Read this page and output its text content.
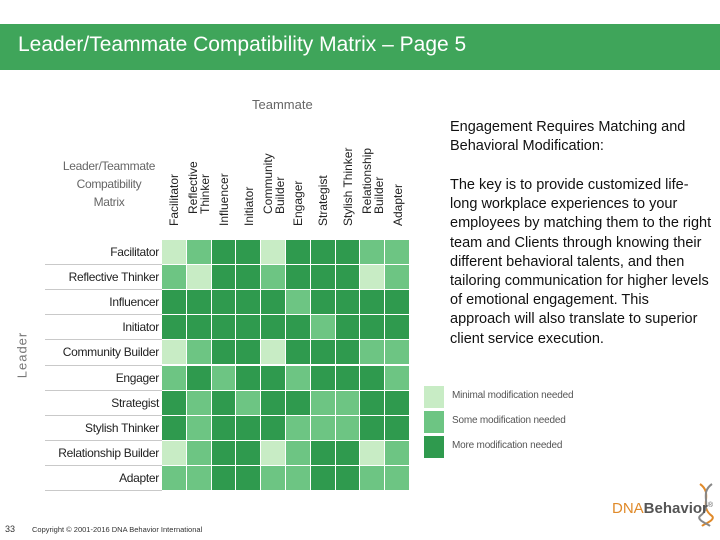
Leader/Teammate Compatibility Matrix – Page 5
Teammate
Leader/Teammate
Compatibility
Matrix
Leader
Facilitator Reflective
Thinker Influencer Initiator Community
Builder Engager Strategist Stylish Thinker Relationship
Builder Adapter
Facilitator
Reflective Thinker
Influencer
Initiator
Community Builder
Engager
Strategist
Stylish Thinker
Relationship Builder
Adapter
Engagement Requires Matching and Behavioral Modification:
The key is to provide customized life-long workplace experiences to your employees by matching them to the right team and Clients through knowing their different behavioral talents, and then tailoring communication for higher levels of emotional engagement. This approach will also translate to superior client service execution.
Minimal modification needed
Some modification needed
More modification needed
33 Copyright © 2001-2016 DNA Behavior International
DNABehavior®
